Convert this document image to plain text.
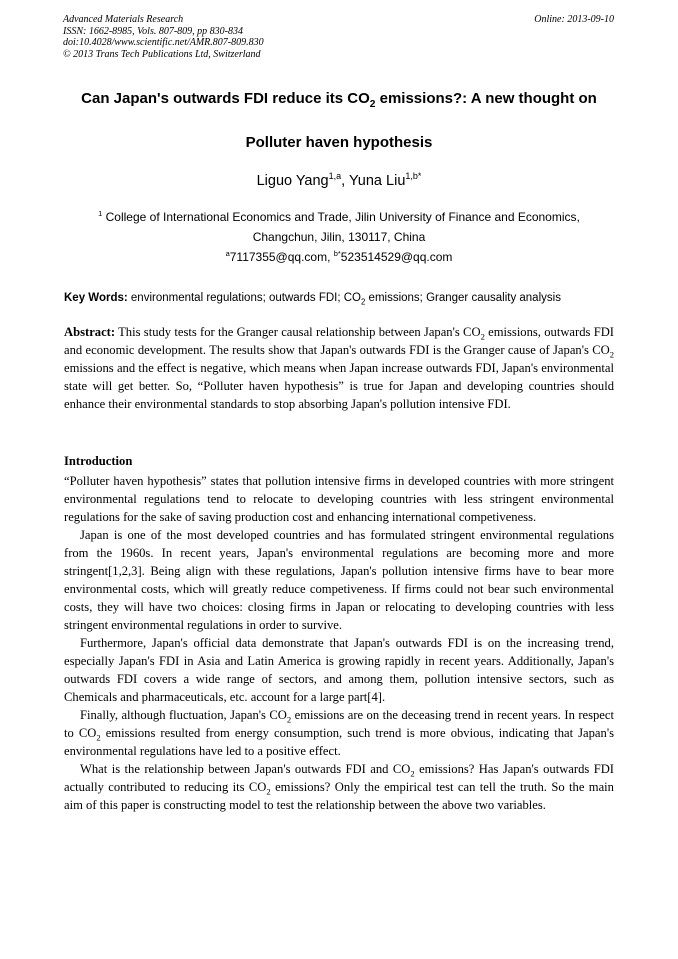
Advanced Materials Research
ISSN: 1662-8985, Vols. 807-809, pp 830-834
doi:10.4028/www.scientific.net/AMR.807-809.830
© 2013 Trans Tech Publications Ltd, Switzerland
Online: 2013-09-10
Can Japan's outwards FDI reduce its $CO_2$ emissions?: A new thought on
Polluter haven hypothesis
Liguo Yang$^{1,a}$, Yuna Liu$^{1,b*}$
$^1$ College of International Economics and Trade, Jilin University of Finance and Economics,
Changchun, Jilin, 130117, China
$^a$7117355@qq.com, $^{b*}$523514529@qq.com
Key Words: environmental regulations; outwards FDI; $CO_2$ emissions; Granger causality analysis
Abstract: This study tests for the Granger causal relationship between Japan's $CO_2$ emissions, outwards FDI and economic development. The results show that Japan's outwards FDI is the Granger cause of Japan's $CO_2$ emissions and the effect is negative, which means when Japan increase outwards FDI, Japan's environmental state will get better. So, “Polluter haven hypothesis” is true for Japan and developing countries should enhance their environmental standards to stop absorbing Japan's pollution intensive FDI.
Introduction

“Polluter haven hypothesis” states that pollution intensive firms in developed countries with more stringent environmental regulations tend to relocate to developing countries with less stringent environmental regulations for the sake of saving production cost and enhancing international competiveness.

Japan is one of the most developed countries and has formulated stringent environmental regulations from the 1960s. In recent years, Japan's environmental regulations are becoming more and more stringent[1,2,3]. Being align with these regulations, Japan's pollution intensive firms have to bear more environmental costs, which will greatly reduce competiveness. If firms could not bear such environmental costs, they will have two choices: closing firms in Japan or relocating to developing countries with less stringent environmental regulations in order to survive.

Furthermore, Japan's official data demonstrate that Japan's outwards FDI is on the increasing trend, especially Japan's FDI in Asia and Latin America is growing rapidly in recent years. Additionally, Japan's outwards FDI covers a wide range of sectors, and among them, pollution intensive sectors, such as Chemicals and pharmaceuticals, etc. account for a large part[4].

Finally, although fluctuation, Japan's $CO_2$ emissions are on the deceasing trend in recent years. In respect to $CO_2$ emissions resulted from energy consumption, such trend is more obvious, indicating that Japan's environmental regulations have led to a positive effect.

What is the relationship between Japan's outwards FDI and $CO_2$ emissions? Has Japan's outwards FDI actually contributed to reducing its $CO_2$ emissions? Only the empirical test can tell the truth. So the main aim of this paper is constructing model to test the relationship between the above two variables.
